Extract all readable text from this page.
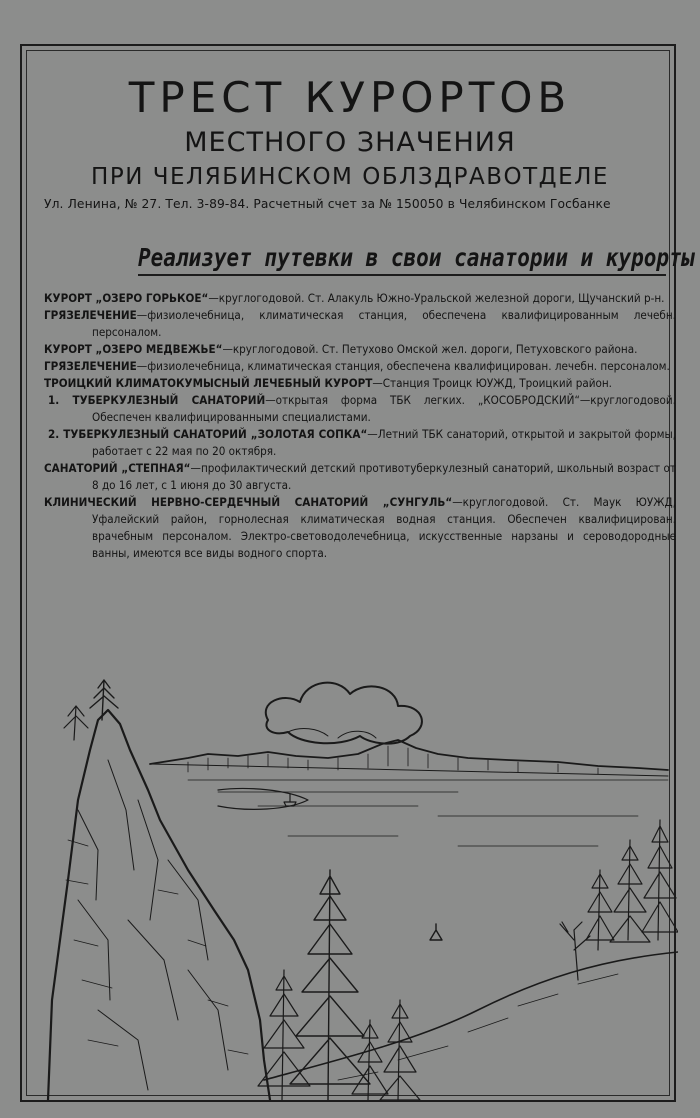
ТРЕСТ КУРОРТОВ
МЕСТНОГО ЗНАЧЕНИЯ
ПРИ ЧЕЛЯБИНСКОМ ОБЛЗДРАВОТДЕЛЕ
Ул. Ленина, № 27. Тел. 3-89-84. Расчетный счет за № 150050 в Челябинском Госбанке
Реализует путевки в свои санатории и курорты

КУРОРТ „ОЗЕРО ГОРЬКОЕ“—круглогодовой. Ст. Алакуль Южно-Уральской железной дороги, Щучанский р-н.

ГРЯЗЕЛЕЧЕНИЕ—физиолечебница, климатическая станция, обеспечена квалифицированным лечебн. персоналом.

КУРОРТ „ОЗЕРО МЕДВЕЖЬЕ“—круглогодовой. Ст. Петухово Омской жел. дороги, Петуховского района.

ГРЯЗЕЛЕЧЕНИЕ—физиолечебница, климатическая станция, обеспечена квалифицирован. лечебн. персоналом.

ТРОИЦКИЙ КЛИМАТОКУМЫСНЫЙ ЛЕЧЕБНЫЙ КУРОРТ—Станция Троицк ЮУЖД, Троицкий район.

1. ТУБЕРКУЛЕЗНЫЙ САНАТОРИЙ—открытая форма ТБК легких. „КОСОБРОДСКИЙ“—круглогодовой. Обеспечен квалифицированными специалистами.

2. ТУБЕРКУЛЕЗНЫЙ САНАТОРИЙ „ЗОЛОТАЯ СОПКА“—Летний ТБК санаторий, открытой и закрытой формы, работает с 22 мая по 20 октября.

САНАТОРИЙ „СТЕПНАЯ“—профилактический детский противотуберкулезный санаторий, школьный возраст от 8 до 16 лет, с 1 июня до 30 августа.

КЛИНИЧЕСКИЙ НЕРВНО-СЕРДЕЧНЫЙ САНАТОРИЙ „СУНГУЛЬ“—круглогодовой. Ст. Маук ЮУЖД, Уфалейский район, горнолесная климатическая водная станция. Обеспечен квалифицирован. врачебным персоналом. Электро-световодолечебница, искусственные нарзаны и сероводородные ванны, имеются все виды водного спорта.
